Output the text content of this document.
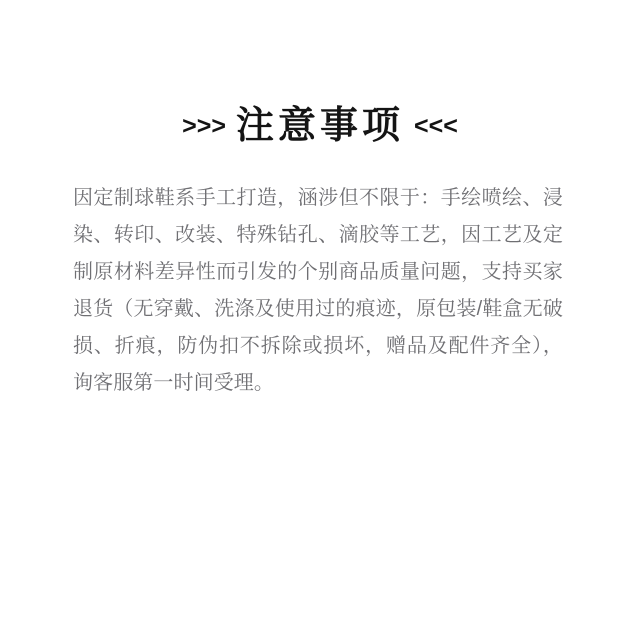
>>> 注意事项 <<<
因定制球鞋系手工打造，涵涉但不限于：手绘喷绘、浸染、转印、改装、特殊钻孔、滴胶等工艺，因工艺及定制原材料差异性而引发的个别商品质量问题，支持买家退货（无穿戴、洗涤及使用过的痕迹，原包装/鞋盒无破损、折痕，防伪扣不拆除或损坏，赠品及配件齐全），询客服第一时间受理。
